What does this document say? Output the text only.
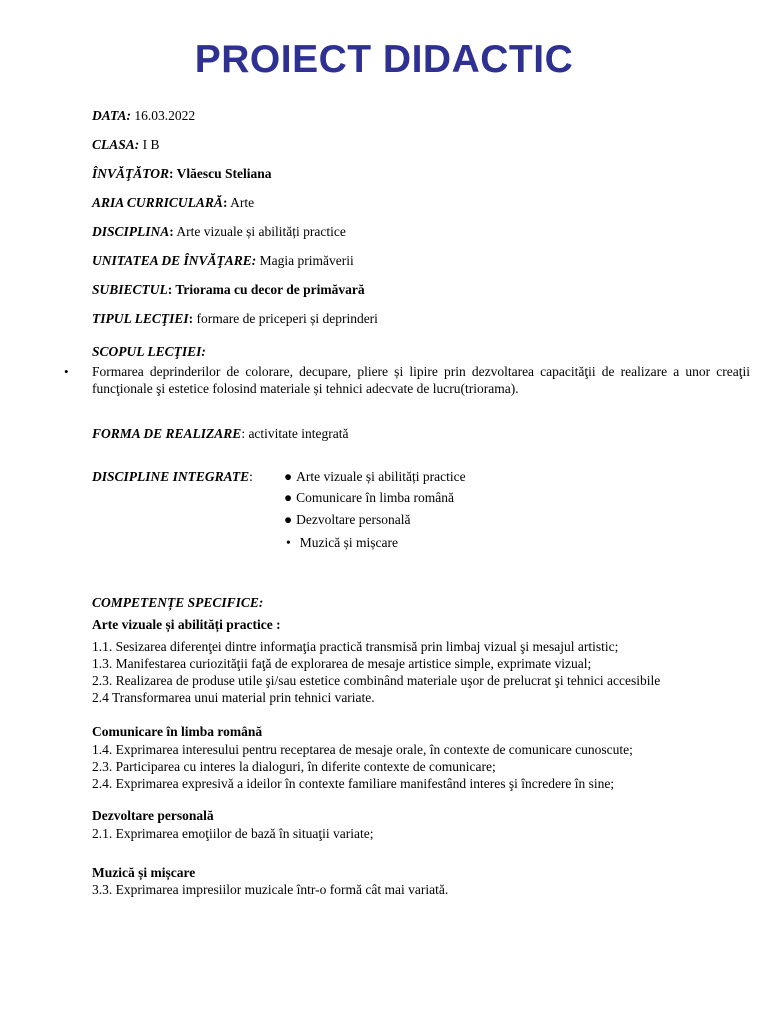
PROIECT DIDACTIC
DATA: 16.03.2022
CLASA: I B
ÎNVĂŢĂTOR: Vlăescu Steliana
ARIA CURRICULARĂ: Arte
DISCIPLINA: Arte vizuale și abilități practice
UNITATEA DE ÎNVĂŢARE: Magia primăverii
SUBIECTUL: Triorama cu decor de primăvară
TIPUL LECŢIEI: formare de priceperi și deprinderi
SCOPUL LECŢIEI:
• Formarea deprinderilor de colorare, decupare, pliere și lipire prin dezvoltarea capacităţii de realizare a unor creaţii funcţionale şi estetice folosind materiale și tehnici adecvate de lucru(triorama).
FORMA DE REALIZARE: activitate integrată
DISCIPLINE INTEGRATE: ● Arte vizuale și abilități practice
● Comunicare în limba română
● Dezvoltare personală
• Muzică și mișcare
COMPETENȚE SPECIFICE:
Arte vizuale și abilități practice :
1.1. Sesizarea diferenţei dintre informaţia practică transmisă prin limbaj vizual şi mesajul artistic;
1.3. Manifestarea curiozităţii faţă de explorarea de mesaje artistice simple, exprimate vizual;
2.3. Realizarea de produse utile şi/sau estetice combinând materiale uşor de prelucrat şi tehnici accesibile
2.4 Transformarea unui material prin tehnici variate.
Comunicare în limba română
1.4. Exprimarea interesului pentru receptarea de mesaje orale, în contexte de comunicare cunoscute;
2.3. Participarea cu interes la dialoguri, în diferite contexte de comunicare;
2.4. Exprimarea expresivă a ideilor în contexte familiare manifestând interes şi încredere în sine;
Dezvoltare personală
2.1. Exprimarea emoţiilor de bază în situaţii variate;
Muzică și mișcare
3.3. Exprimarea impresiilor muzicale într-o formă cât mai variată.
